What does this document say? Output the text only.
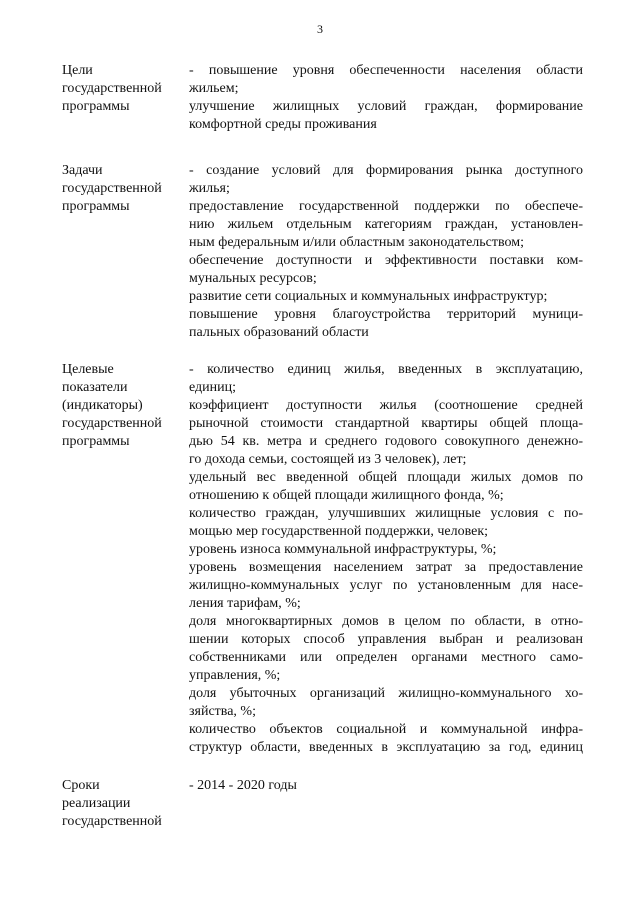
3
Цели
государственной
программы
- повышение уровня обеспеченности населения области
жильем;
улучшение жилищных условий граждан, формирование
комфортной среды проживания
Задачи
государственной
программы
- создание условий для формирования рынка доступного
жилья;
предоставление государственной поддержки по обеспече-
нию жильем отдельным категориям граждан, установлен-
ным федеральным и/или областным законодательством;
обеспечение доступности и эффективности поставки ком-
мунальных ресурсов;
развитие сети социальных и коммунальных инфраструктур;
повышение уровня благоустройства территорий муници-
пальных образований области
Целевые
показатели
(индикаторы)
государственной
программы
- количество единиц жилья, введенных в эксплуатацию,
единиц;
коэффициент доступности жилья (соотношение средней
рыночной стоимости стандартной квартиры общей площа-
дью 54 кв. метра и среднего годового совокупного денежно-
го дохода семьи, состоящей из 3 человек), лет;
удельный вес введенной общей площади жилых домов по
отношению к общей площади жилищного фонда, %;
количество граждан, улучшивших жилищные условия с по-
мощью мер государственной поддержки, человек;
уровень износа коммунальной инфраструктуры, %;
уровень возмещения населением затрат за предоставление
жилищно-коммунальных услуг по установленным для насе-
ления тарифам, %;
доля многоквартирных домов в целом по области, в отно-
шении которых способ управления выбран и реализован
собственниками или определен органами местного само-
управления, %;
доля убыточных организаций жилищно-коммунального хо-
зяйства, %;
количество объектов социальной и коммунальной инфра-
структур области, введенных в эксплуатацию за год, единиц
Сроки
реализации
государственной
- 2014 - 2020 годы
